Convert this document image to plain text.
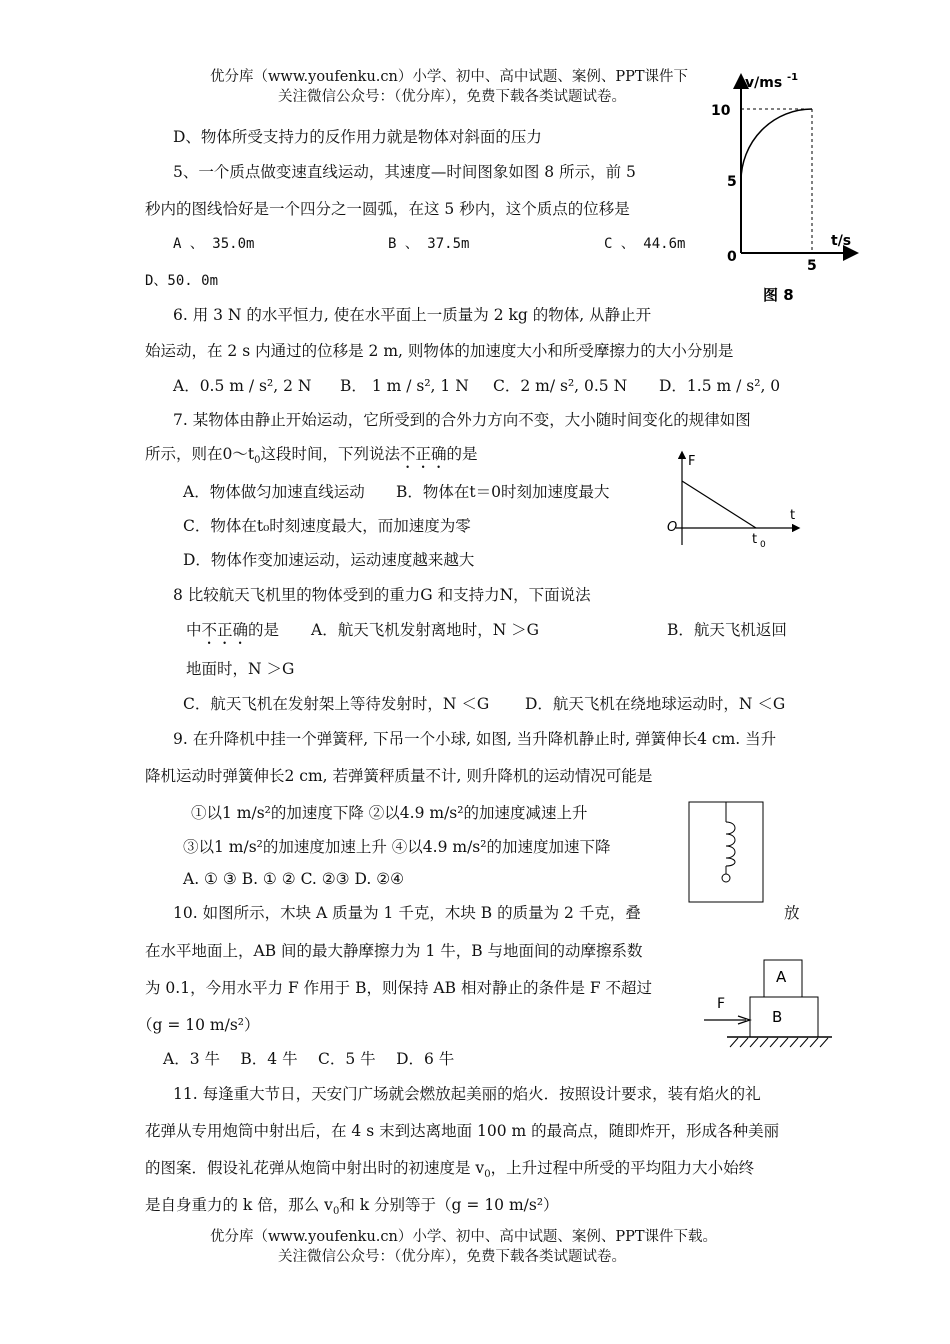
优分库（www.youfenku.cn）小学、初中、高中试题、案例、PPT课件下
关注微信公众号：（优分库），免费下载各类试题试卷。
D、物体所受支持力的反作用力就是物体对斜面的压力
5、一个质点做变速直线运动，其速度—时间图象如图 8 所示，前 5
秒内的图线恰好是一个四分之一圆弧，在这 5 秒内，这个质点的位移是
A 、 35.0m	B 、 37.5m	C 、 44.6m
D、50. 0m
v/ms -1
10
5
0
5
t/s
图 8
6. 用 3 N 的水平恒力, 使在水平面上一质量为 2 kg 的物体, 从静止开
始运动，在 2 s 内通过的位移是 2 m, 则物体的加速度大小和所受摩擦力的大小分别是
A．0.5 m / s², 2 N B． 1 m / s², 1 N C．2 m/ s², 0.5 N D．1.5 m / s², 0
7. 某物体由静止开始运动，它所受到的合外力方向不变，大小随时间变化的规律如图
所示，则在$0\sim t_0$这段时间，下列说法不正确的是
A．物体做匀加速直线运动 B．物体在t＝0时刻加速度最大
C．物体在t₀时刻速度最大，而加速度为零
D．物体作变加速运动，运动速度越来越大
F
t
O
t 0
8 比较航天飞机里的物体受到的重力G 和支持力N，下面说法
中不正确的是 A．航天飞机发射离地时，N ＞G	B．航天飞机返回
地面时，N ＞G
C．航天飞机在发射架上等待发射时，N ＜G D．航天飞机在绕地球运动时，N ＜G
9. 在升降机中挂一个弹簧秤, 下吊一个小球, 如图, 当升降机静止时, 弹簧伸长4 cm. 当升
降机运动时弹簧伸长2 cm, 若弹簧秤质量不计, 则升降机的运动情况可能是
①以1 m/s²的加速度下降 ②以4.9 m/s²的加速度减速上升
③以1 m/s²的加速度加速上升 ④以4.9 m/s²的加速度加速下降
A. ① ③ B. ① ② C. ②③ D. ②④
10. 如图所示，木块 A 质量为 1 千克，木块 B 的质量为 2 千克，叠	放
在水平地面上，AB 间的最大静摩擦力为 1 牛，B 与地面间的动摩擦系数
为 0.1，今用水平力 F 作用于 B，则保持 AB 相对静止的条件是 F 不超过
（g = 10 m/s²）
A．3 牛　 B．4 牛　 C．5 牛　 D．6 牛
A
B
F
11. 每逢重大节日，天安门广场就会燃放起美丽的焰火．按照设计要求，装有焰火的礼
花弹从专用炮筒中射出后，在 4 s 末到达离地面 100 m 的最高点，随即炸开，形成各种美丽
的图案．假设礼花弹从炮筒中射出时的初速度是 $v_0$，上升过程中所受的平均阻力大小始终
是自身重力的 k 倍，那么 $v_0$和 k 分别等于（g = 10 m/s²）
优分库（www.youfenku.cn）小学、初中、高中试题、案例、PPT课件下载。
关注微信公众号：（优分库），免费下载各类试题试卷。
